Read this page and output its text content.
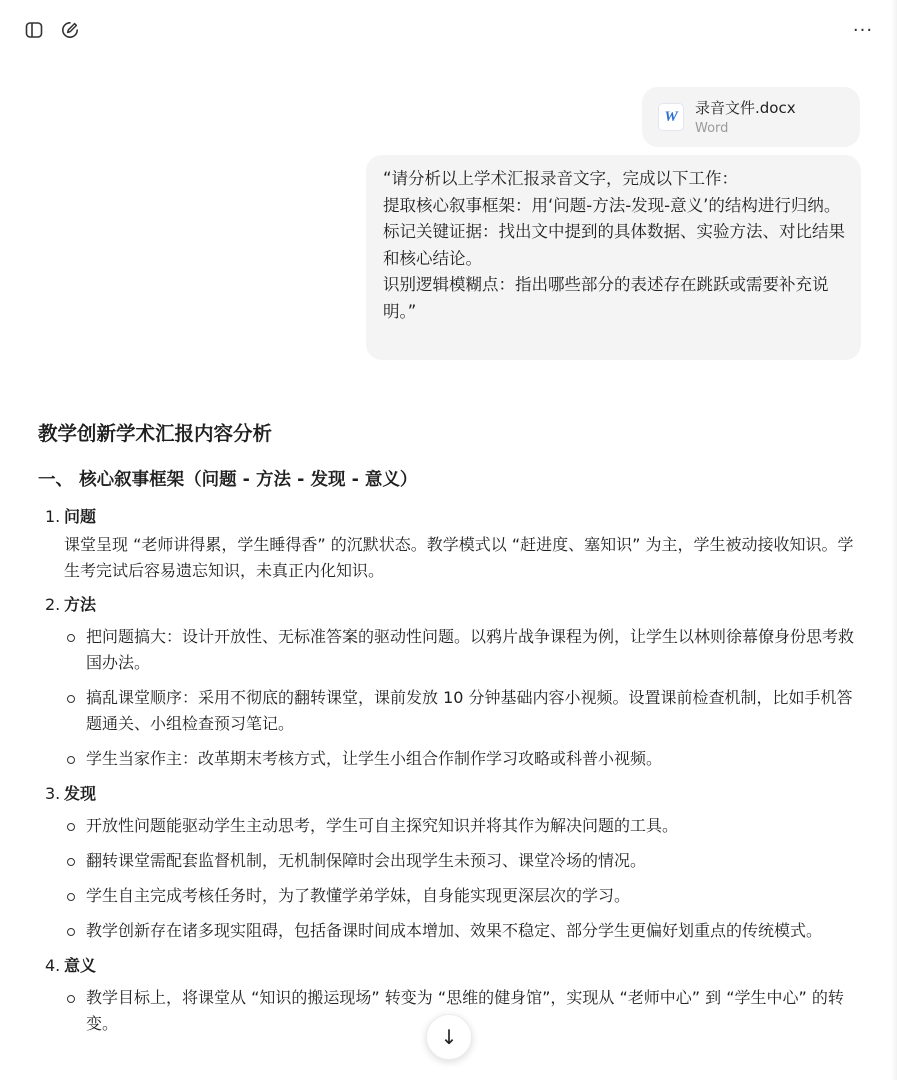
···
W	录音文件.docx
Word

“请分析以上学术汇报录音文字，完成以下工作：

提取核心叙事框架：用‘问题-方法-发现-意义’的结构进行归纳。

标记关键证据：找出文中提到的具体数据、实验方法、对比结果和核心结论。

识别逻辑模糊点：指出哪些部分的表述存在跳跃或需要补充说明。”

教学创新学术汇报内容分析
一、 核心叙事框架（问题 - 方法 - 发现 - 意义）
1. 问题

课堂呈现 “老师讲得累，学生睡得香” 的沉默状态。教学模式以 “赶进度、塞知识” 为主，学生被动接收知识。学生考完试后容易遗忘知识，未真正内化知识。

2. 方法
把问题搞大：设计开放性、无标准答案的驱动性问题。以鸦片战争课程为例，让学生以林则徐幕僚身份思考救国办法。
搞乱课堂顺序：采用不彻底的翻转课堂，课前发放 10 分钟基础内容小视频。设置课前检查机制，比如手机答题通关、小组检查预习笔记。
学生当家作主：改革期末考核方式，让学生小组合作制作学习攻略或科普小视频。
3. 发现
开放性问题能驱动学生主动思考，学生可自主探究知识并将其作为解决问题的工具。
翻转课堂需配套监督机制，无机制保障时会出现学生未预习、课堂冷场的情况。
学生自主完成考核任务时，为了教懂学弟学妹，自身能实现更深层次的学习。
教学创新存在诸多现实阻碍，包括备课时间成本增加、效果不稳定、部分学生更偏好划重点的传统模式。
4. 意义
教学目标上，将课堂从 “知识的搬运现场” 转变为 “思维的健身馆”，实现从 “老师中心” 到 “学生中心” 的转变。
↓
